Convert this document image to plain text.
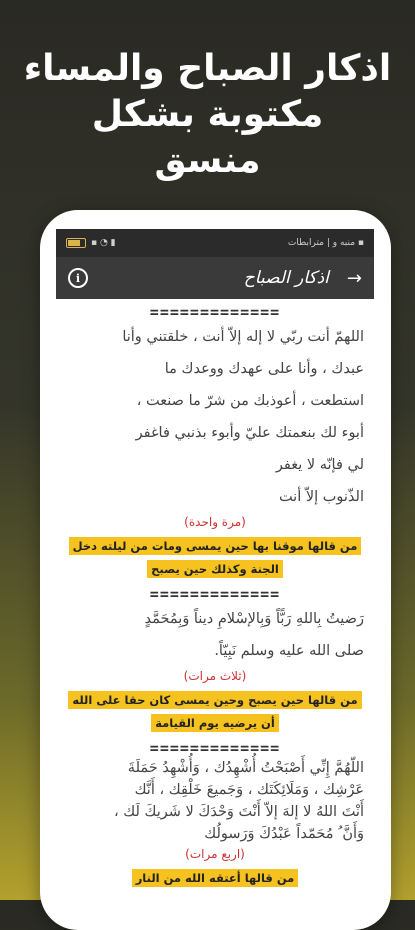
اذكار الصباح والمساء
مكتوبة بشكل
منسق
▪ ◔ ▮	منبه و | مترابطات ▪
i	اذكار الصباح →
=============
اللهمّ أنت ربّي لا إله إلاّ أنت ، خلقتني وأنا
عبدك ، وأنا على عهدك ووعدك ما
استطعت ، أعوذبك من شرّ ما صنعت ،
أبوء لك بنعمتك عليّ وأبوء بذنبي فاغفر
لي فإنّه لا يغفر
الذّنوب إلاّ أنت
(مرة واحدة)
من قالها موقنا بها حين يمسى ومات من ليلته دخل الجنة وكذلك حين يصبح
=============
رَضيتُ بِاللهِ رَبًّاً وَبِالإسْلامِ ديناً وَبِمُحَمَّدٍ
صلى الله عليه وسلم نَبِيّاً.
(ثلاث مرات)
من قالها حين يصبح وحين يمسى كان حقا على الله أن يرضيه يوم القيامة
=============
اللّهُمَّ إِنِّي أَصْبَحْتُ أُشْهِدُك ، وَأُشْهِدُ حَمَلَةَ
عَرْشِك ، وَمَلَائِكَتَك ، وَجَميعَ خَلْقِك ، أَنَّك
أَنْتَ اللهُ لا إلهَ إلاّ أَنْتَ وَحْدَكَ لا شَريكَ لَك ،
وَأَنَّ ُ مُحَمّداً عَبْدُكَ وَرَسولُك
(اربع مرات)
من قالها أعتقه الله من النار
